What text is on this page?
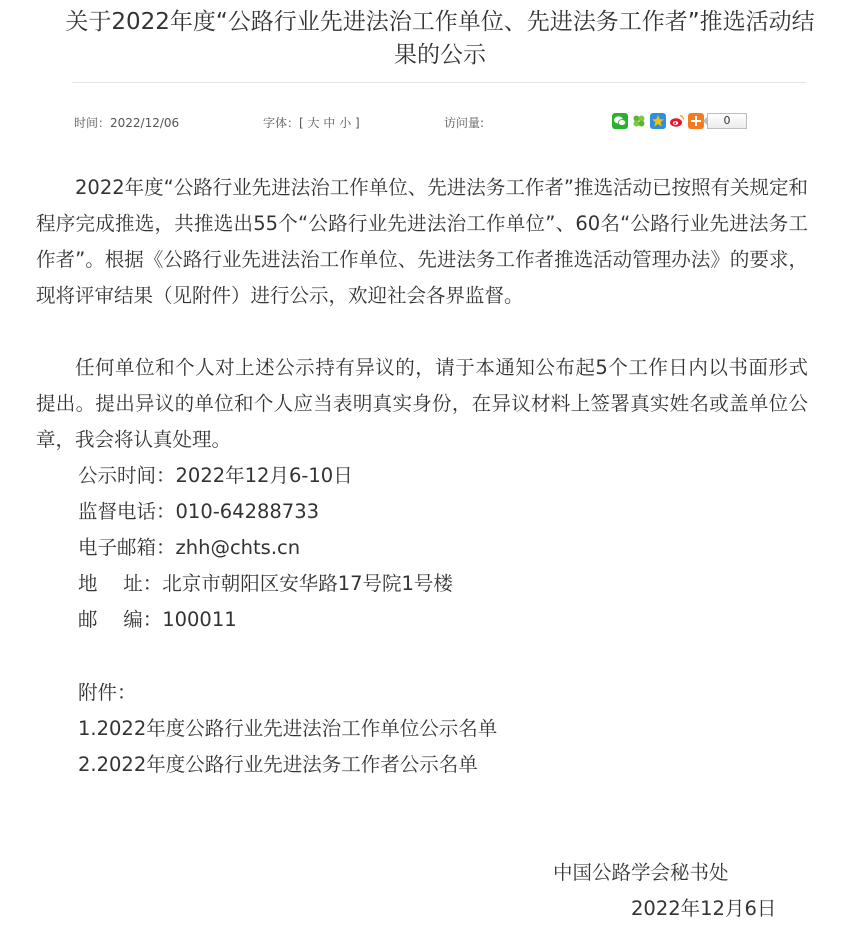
关于2022年度“公路行业先进法治工作单位、先进法务工作者”推选活动结果的公示
时间：2022/12/06	字体：[ 大 中 小 ]	访问量:	0

2022年度“公路行业先进法治工作单位、先进法务工作者”推选活动已按照有关规定和程序完成推选，共推选出55个“公路行业先进法治工作单位”、60名“公路行业先进法务工作者”。根据《公路行业先进法治工作单位、先进法务工作者推选活动管理办法》的要求，现将评审结果（见附件）进行公示，欢迎社会各界监督。

任何单位和个人对上述公示持有异议的，请于本通知公布起5个工作日内以书面形式提出。提出异议的单位和个人应当表明真实身份，在异议材料上签署真实姓名或盖单位公章，我会将认真处理。

公示时间：2022年12月6-10日

监督电话：010-64288733

电子邮箱：zhh@chts.cn

地　 址：北京市朝阳区安华路17号院1号楼

邮　 编：100011

附件：

1.2022年度公路行业先进法治工作单位公示名单

2.2022年度公路行业先进法务工作者公示名单

中国公路学会秘书处

2022年12月6日
